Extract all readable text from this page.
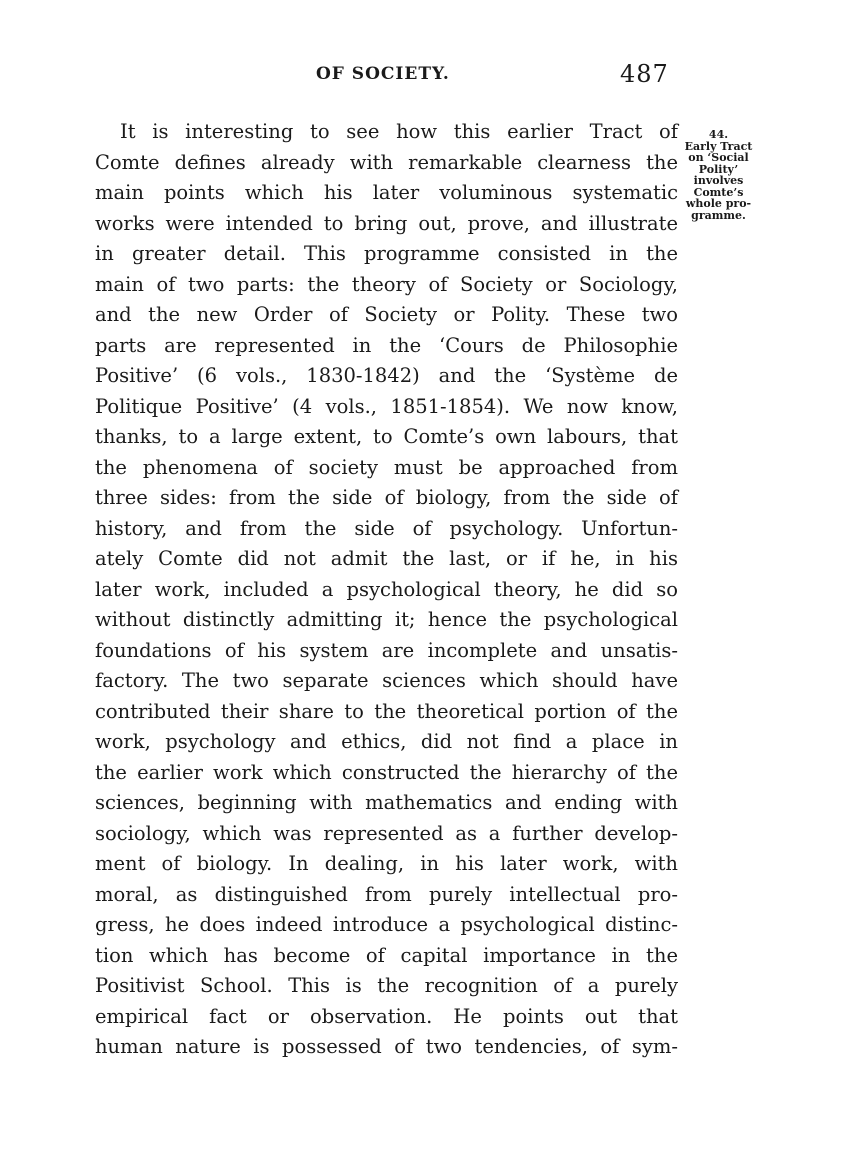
OF SOCIETY.	487
44.
Early Tract
on ‘Social
Polity’
involves
Comte’s
whole pro-
gramme.
It is interesting to see how this earlier Tract of
Comte defines already with remarkable clearness the
main points which his later voluminous systematic
works were intended to bring out, prove, and illustrate
in greater detail. This programme consisted in the
main of two parts: the theory of Society or Sociology,
and the new Order of Society or Polity. These two
parts are represented in the ‘Cours de Philosophie
Positive’ (6 vols., 1830-1842) and the ‘Système de
Politique Positive’ (4 vols., 1851-1854). We now know,
thanks, to a large extent, to Comte’s own labours, that
the phenomena of society must be approached from
three sides: from the side of biology, from the side of
history, and from the side of psychology. Unfortun-
ately Comte did not admit the last, or if he, in his
later work, included a psychological theory, he did so
without distinctly admitting it; hence the psychological
foundations of his system are incomplete and unsatis-
factory. The two separate sciences which should have
contributed their share to the theoretical portion of the
work, psychology and ethics, did not find a place in
the earlier work which constructed the hierarchy of the
sciences, beginning with mathematics and ending with
sociology, which was represented as a further develop-
ment of biology. In dealing, in his later work, with
moral, as distinguished from purely intellectual pro-
gress, he does indeed introduce a psychological distinc-
tion which has become of capital importance in the
Positivist School. This is the recognition of a purely
empirical fact or observation. He points out that
human nature is possessed of two tendencies, of sym-
